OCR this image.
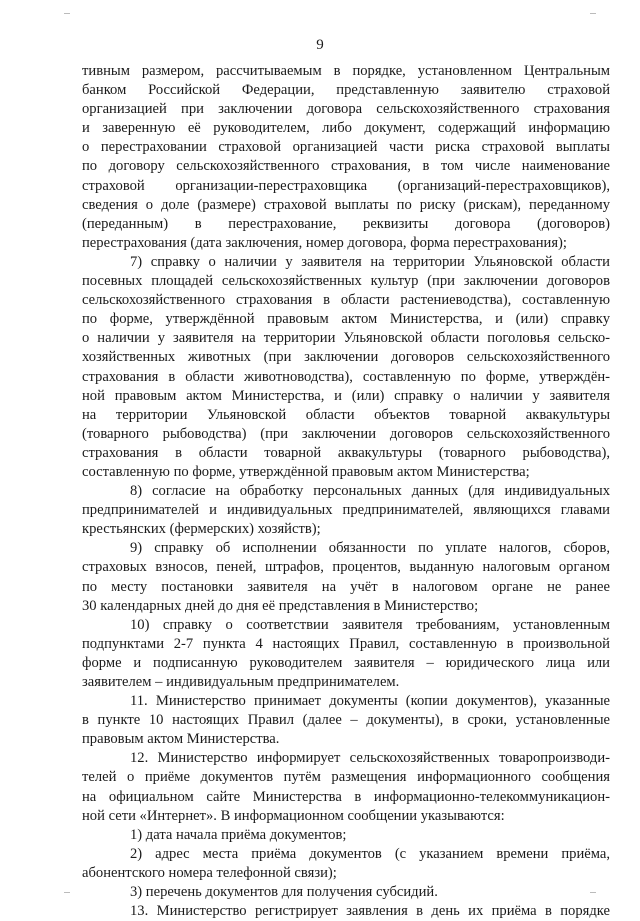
9
тивным размером, рассчитываемым в порядке, установленном Центральным
банком Российской Федерации, представленную заявителю страховой
организацией при заключении договора сельскохозяйственного страхования
и заверенную её руководителем, либо документ, содержащий информацию
о перестраховании страховой организацией части риска страховой выплаты
по договору сельскохозяйственного страхования, в том числе наименование
страховой организации-перестраховщика (организаций-перестраховщиков),
сведения о доле (размере) страховой выплаты по риску (рискам), переданному
(переданным) в перестрахование, реквизиты договора (договоров)
перестрахования (дата заключения, номер договора, форма перестрахования);
7) справку о наличии у заявителя на территории Ульяновской области
посевных площадей сельскохозяйственных культур (при заключении договоров
сельскохозяйственного страхования в области растениеводства), составленную
по форме, утверждённой правовым актом Министерства, и (или) справку
о наличии у заявителя на территории Ульяновской области поголовья сельско-
хозяйственных животных (при заключении договоров сельскохозяйственного
страхования в области животноводства), составленную по форме, утверждён-
ной правовым актом Министерства, и (или) справку о наличии у заявителя
на территории Ульяновской области объектов товарной аквакультуры
(товарного рыбоводства) (при заключении договоров сельскохозяйственного
страхования в области товарной аквакультуры (товарного рыбоводства),
составленную по форме, утверждённой правовым актом Министерства;
8) согласие на обработку персональных данных (для индивидуальных
предпринимателей и индивидуальных предпринимателей, являющихся главами
крестьянских (фермерских) хозяйств);
9) справку об исполнении обязанности по уплате налогов, сборов,
страховых взносов, пеней, штрафов, процентов, выданную налоговым органом
по месту постановки заявителя на учёт в налоговом органе не ранее
30 календарных дней до дня её представления в Министерство;
10) справку о соответствии заявителя требованиям, установленным
подпунктами 2-7 пункта 4 настоящих Правил, составленную в произвольной
форме и подписанную руководителем заявителя – юридического лица или
заявителем – индивидуальным предпринимателем.
11. Министерство принимает документы (копии документов), указанные
в пункте 10 настоящих Правил (далее – документы), в сроки, установленные
правовым актом Министерства.
12. Министерство информирует сельскохозяйственных товаропроизводи-
телей о приёме документов путём размещения информационного сообщения
на официальном сайте Министерства в информационно-телекоммуникацион-
ной сети «Интернет». В информационном сообщении указываются:
1) дата начала приёма документов;
2) адрес места приёма документов (с указанием времени приёма,
абонентского номера телефонной связи);
3) перечень документов для получения субсидий.
13. Министерство регистрирует заявления в день их приёма в порядке
